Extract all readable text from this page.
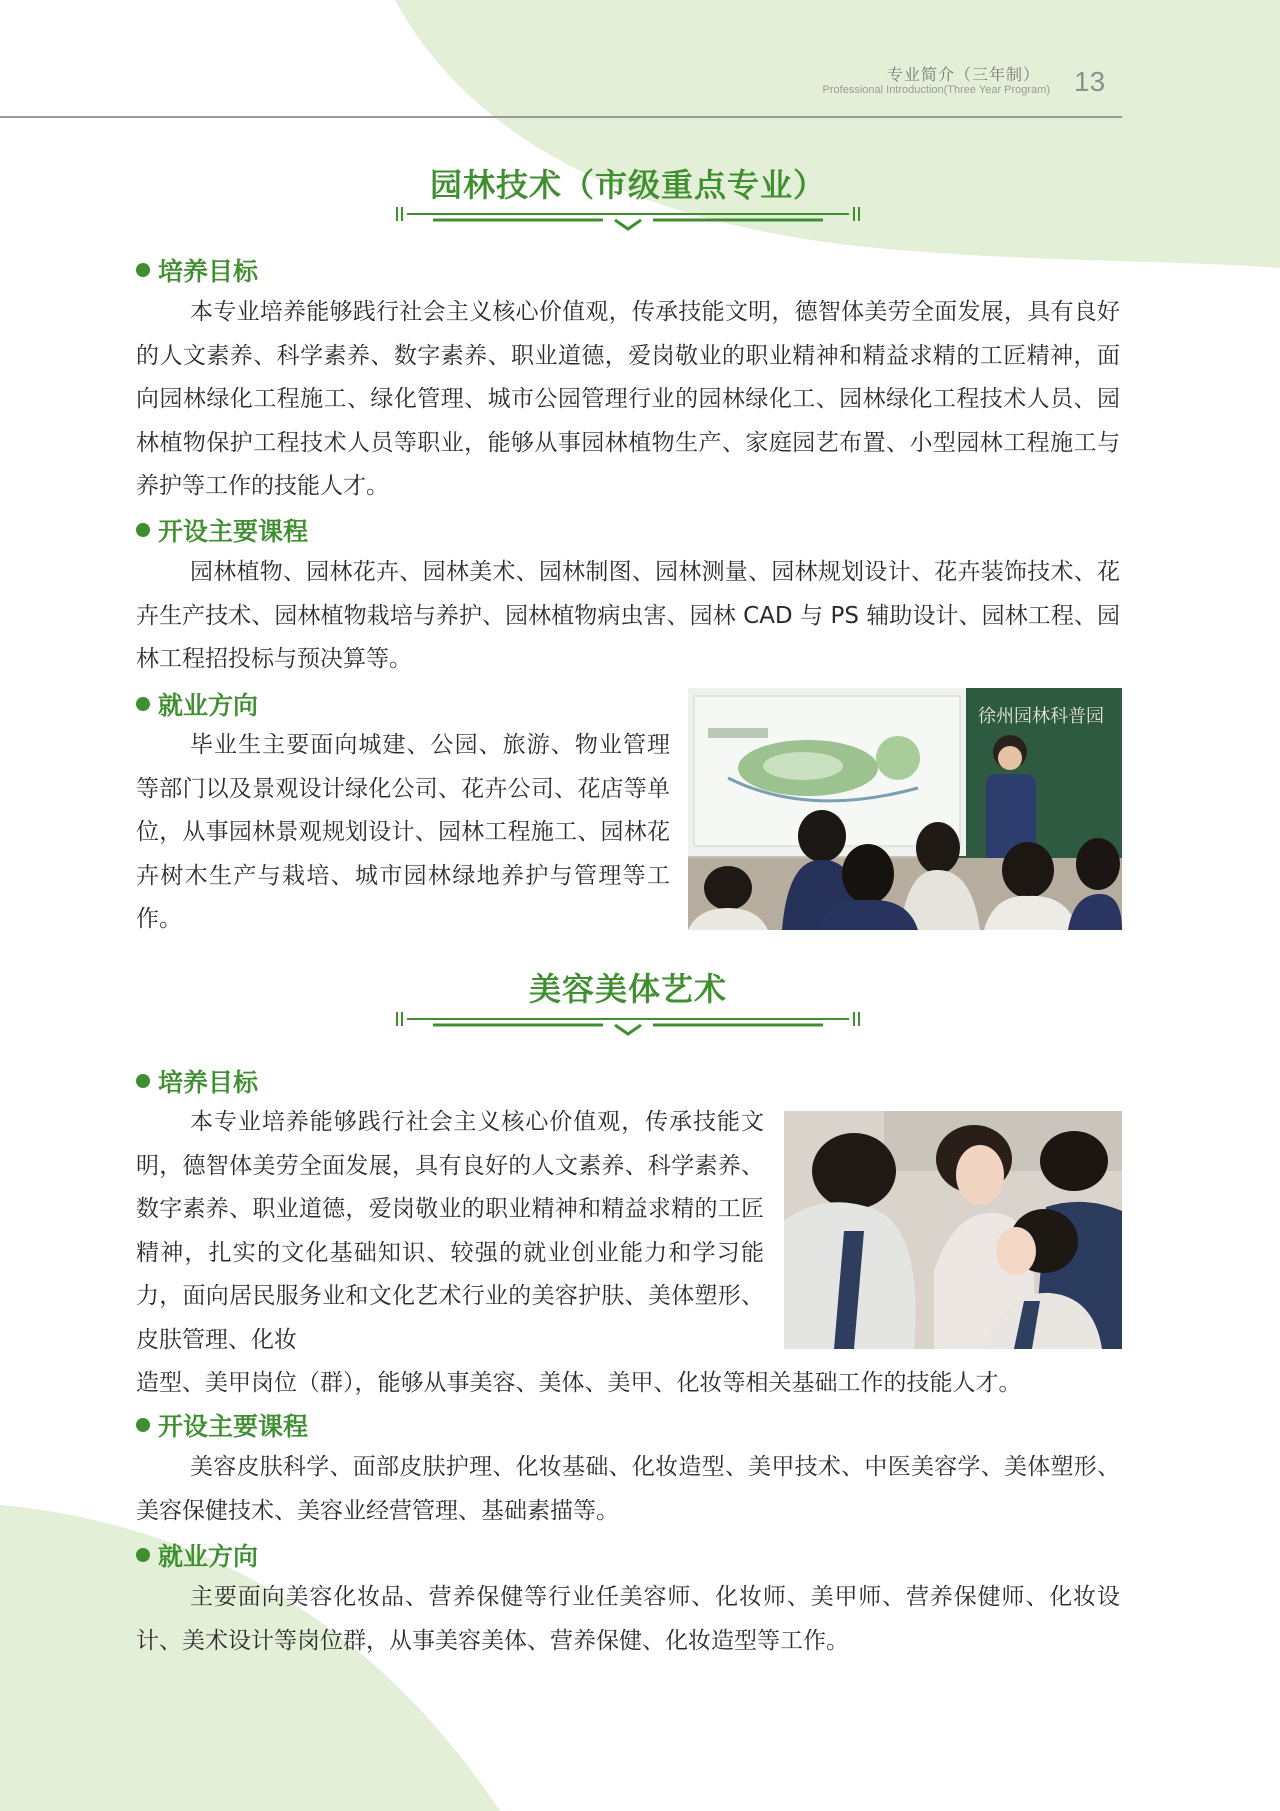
专业简介（三年制）
Professional Introduction(Three Year Program) 13
园林技术（市级重点专业）
培养目标

本专业培养能够践行社会主义核心价值观，传承技能文明，德智体美劳全面发展，具有良好的人文素养、科学素养、数字素养、职业道德，爱岗敬业的职业精神和精益求精的工匠精神，面向园林绿化工程施工、绿化管理、城市公园管理行业的园林绿化工、园林绿化工程技术人员、园林植物保护工程技术人员等职业，能够从事园林植物生产、家庭园艺布置、小型园林工程施工与养护等工作的技能人才。

开设主要课程

园林植物、园林花卉、园林美术、园林制图、园林测量、园林规划设计、花卉装饰技术、花卉生产技术、园林植物栽培与养护、园林植物病虫害、园林 CAD 与 PS 辅助设计、园林工程、园林工程招投标与预决算等。

就业方向

毕业生主要面向城建、公园、旅游、物业管理等部门以及景观设计绿化公司、花卉公司、花店等单位，从事园林景观规划设计、园林工程施工、园林花卉树木生产与栽培、城市园林绿地养护与管理等工作。

徐州园林科普园
美容美体艺术
培养目标

本专业培养能够践行社会主义核心价值观，传承技能文明，德智体美劳全面发展，具有良好的人文素养、科学素养、数字素养、职业道德，爱岗敬业的职业精神和精益求精的工匠精神，扎实的文化基础知识、较强的就业创业能力和学习能力，面向居民服务业和文化艺术行业的美容护肤、美体塑形、皮肤管理、化妆

造型、美甲岗位（群），能够从事美容、美体、美甲、化妆等相关基础工作的技能人才。

开设主要课程

美容皮肤科学、面部皮肤护理、化妆基础、化妆造型、美甲技术、中医美容学、美体塑形、美容保健技术、美容业经营管理、基础素描等。

就业方向

主要面向美容化妆品、营养保健等行业任美容师、化妆师、美甲师、营养保健师、化妆设计、美术设计等岗位群，从事美容美体、营养保健、化妆造型等工作。
